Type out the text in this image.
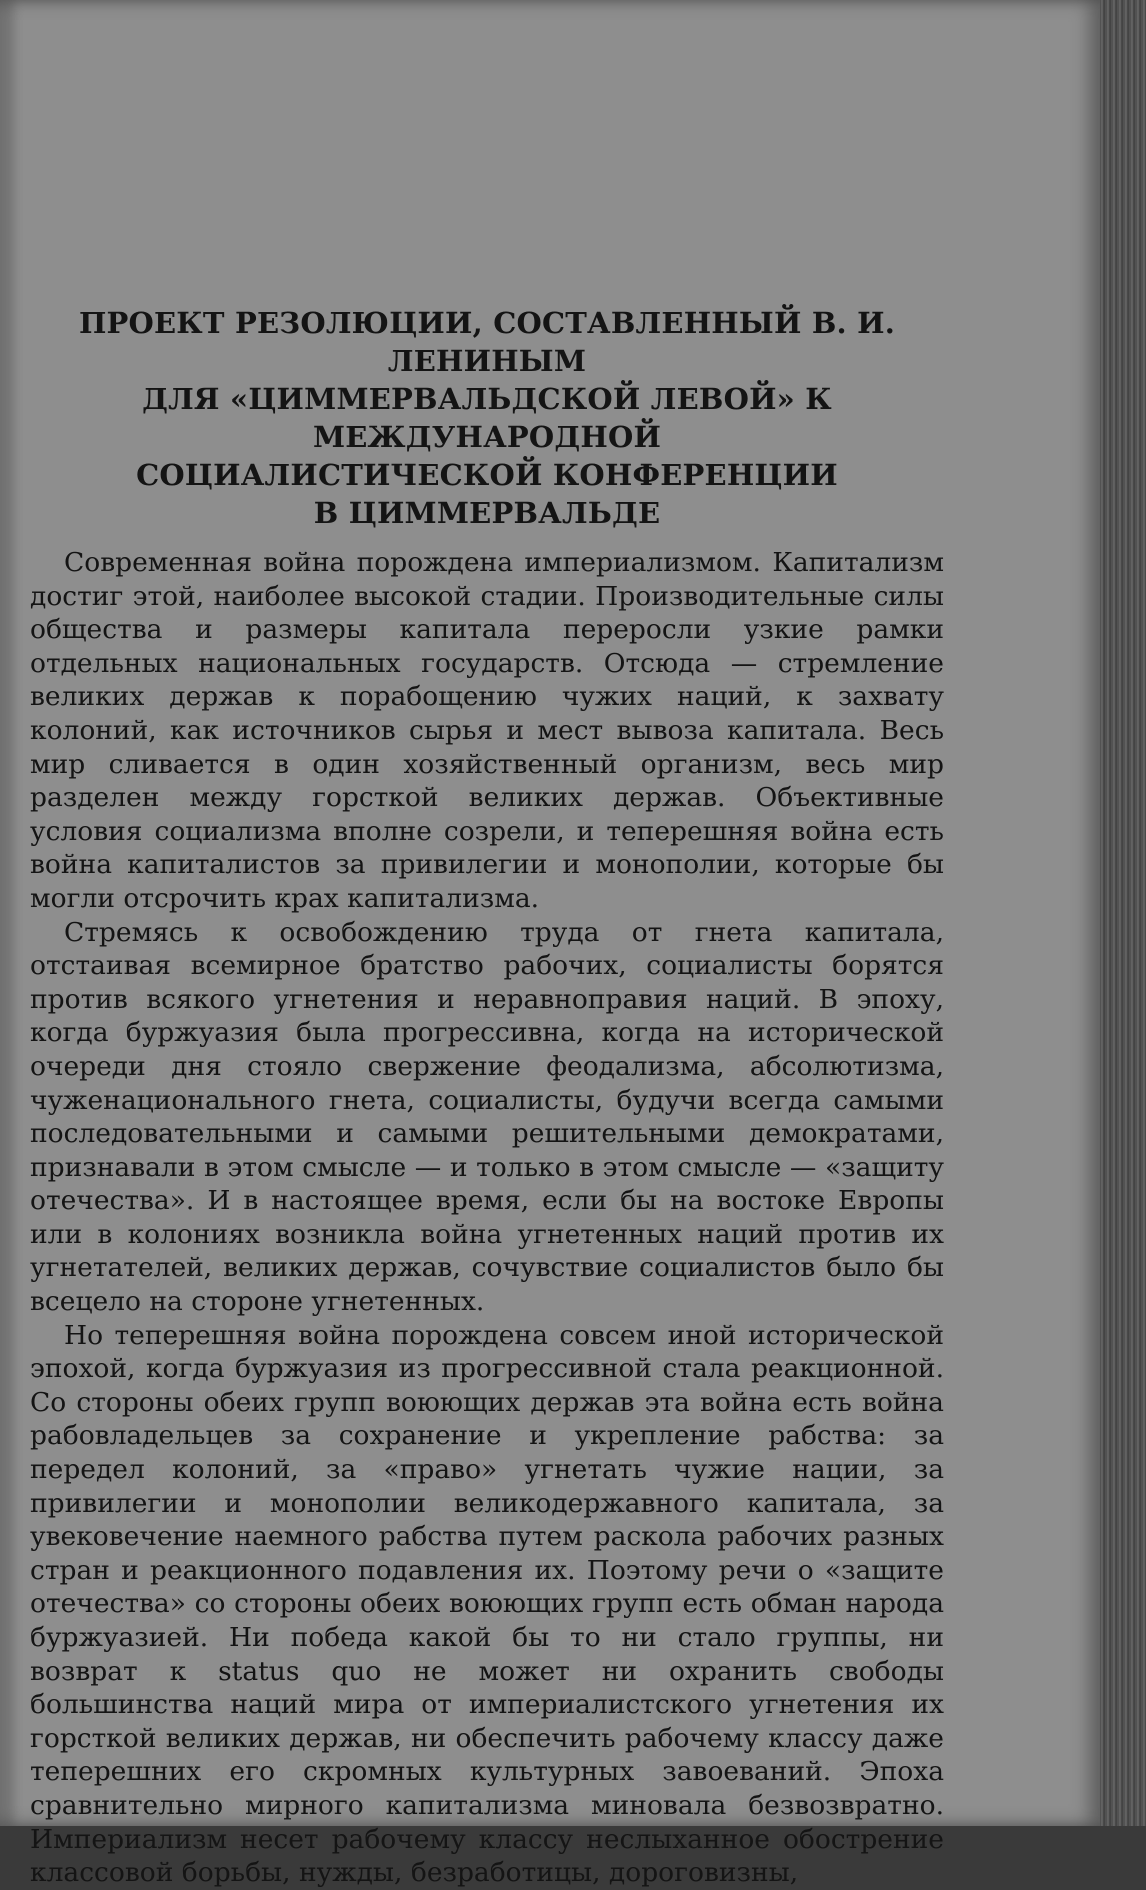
ПРОЕКТ РЕЗОЛЮЦИИ, СОСТАВЛЕННЫЙ В. И. ЛЕНИНЫМ
ДЛЯ «ЦИММЕРВАЛЬДСКОЙ ЛЕВОЙ» К МЕЖДУНАРОДНОЙ
СОЦИАЛИСТИЧЕСКОЙ КОНФЕРЕНЦИИ
В ЦИММЕРВАЛЬДЕ

Современная война порождена империализмом. Капитализм достиг этой, наиболее высокой стадии. Производительные силы общества и размеры капитала переросли узкие рамки отдельных национальных государств. Отсюда — стремление великих держав к порабощению чужих наций, к захвату колоний, как источников сырья и мест вывоза капитала. Весь мир сливается в один хозяйственный организм, весь мир разделен между горсткой великих держав. Объективные условия социализма вполне созрели, и теперешняя война есть война капиталистов за привилегии и монополии, которые бы могли отсрочить крах капитализма.

Стремясь к освобождению труда от гнета капитала, отстаивая всемирное братство рабочих, социалисты борятся против всякого угнетения и неравноправия наций. В эпоху, когда буржуазия была прогрессивна, когда на исторической очереди дня стояло свержение феодализма, абсолютизма, чуженационального гнета, социалисты, будучи всегда самыми последовательными и самыми решительными демократами, признавали в этом смысле — и только в этом смысле — «защиту отечества». И в настоящее время, если бы на востоке Европы или в колониях возникла война угнетенных наций против их угнетателей, великих держав, сочувствие социалистов было бы всецело на стороне угнетенных.

Но теперешняя война порождена совсем иной исторической эпохой, когда буржуазия из прогрессивной стала реакционной. Со стороны обеих групп воюющих держав эта война есть война рабовладельцев за сохранение и укрепление рабства: за передел колоний, за «право» угнетать чужие нации, за привилегии и монополии великодержавного капитала, за увековечение наемного рабства путем раскола рабочих разных стран и реакционного подавления их. Поэтому речи о «защите отечества» со стороны обеих воюющих групп есть обман народа буржуазией. Ни победа какой бы то ни стало группы, ни возврат к status quo не может ни охранить свободы большинства наций мира от империалистского угнетения их горсткой великих держав, ни обеспечить рабочему классу даже теперешних его скромных культурных завоеваний. Эпоха сравнительно мирного капитализма миновала безвозвратно. Империализм несет рабочему классу неслыханное обострение классовой борьбы, нужды, безработицы, дороговизны,
